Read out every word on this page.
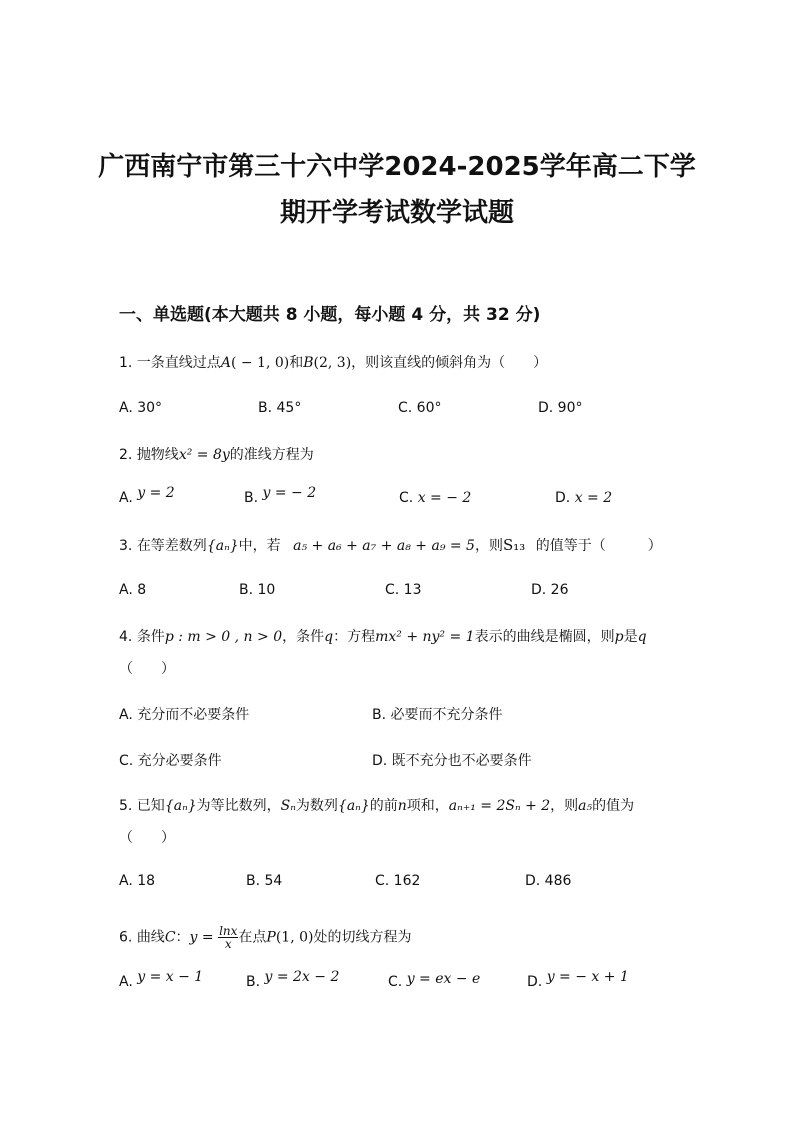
广西南宁市第三十六中学2024-2025学年高二下学
期开学考试数学试题
一、单选题(本大题共 8 小题，每小题 4 分，共 32 分)
1. 一条直线过点A( − 1, 0)和B(2, 3)，则该直线的倾斜角为（　　）
A. 30°	B. 45°	C. 60°	D. 90°
2. 抛物线x² = 8y的准线方程为
A. y = 2	B. y = − 2	C. x = − 2	D. x = 2
3. 在等差数列{aₙ}中，若 a₅ + a₆ + a₇ + a₈ + a₉ = 5，则S₁₃ 的值等于（　　　）
A. 8	B. 10	C. 13	D. 26
4. 条件p : m > 0 , n > 0，条件q：方程mx² + ny² = 1表示的曲线是椭圆，则p是q
（　　）
A. 充分而不必要条件	B. 必要而不充分条件
C. 充分必要条件	D. 既不充分也不必要条件
5. 已知{aₙ}为等比数列，Sₙ为数列{aₙ}的前n项和，aₙ₊₁ = 2Sₙ + 2，则a₅的值为
（　　）
A. 18	B. 54	C. 162	D. 486
6. 曲线C：$y = \frac{\ln x}{x}$ 在点P(1, 0)处的切线方程为
A. y = x − 1	B. y = 2x − 2	C. y = ex − e	D. y = − x + 1
